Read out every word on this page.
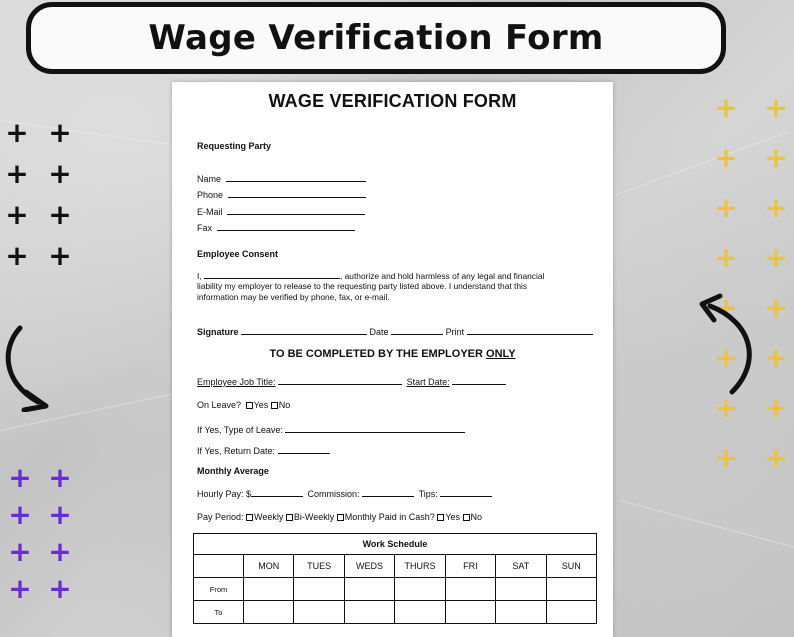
Wage Verification Form
+ +
+ +
+ +
+ +
+ +
+ +
+ +
+ +
+ +
+ +
+ +
+ +
+ +
+ +
+ +
+ +
WAGE VERIFICATION FORM
Requesting Party
Name
Phone
E-Mail
Fax
Employee Consent
I,	, authorize and hold harmless of any legal and financial
liability my employer to release to the requesting party listed above. I understand that this
information may be verified by phone, fax, or e-mail.
Signature	Date	Print
TO BE COMPLETED BY THE EMPLOYER ONLY
Employee Job Title:	Start Date:
On Leave? Yes No
If Yes, Type of Leave:
If Yes, Return Date:
Monthly Average
Hourly Pay: $	Commission:	Tips:
Pay Period: Weekly Bi-Weekly Monthly Paid in Cash? Yes No
Work Schedule							
	MON	TUES	WEDS	THURS	FRI	SAT	SUN
From							
To							
